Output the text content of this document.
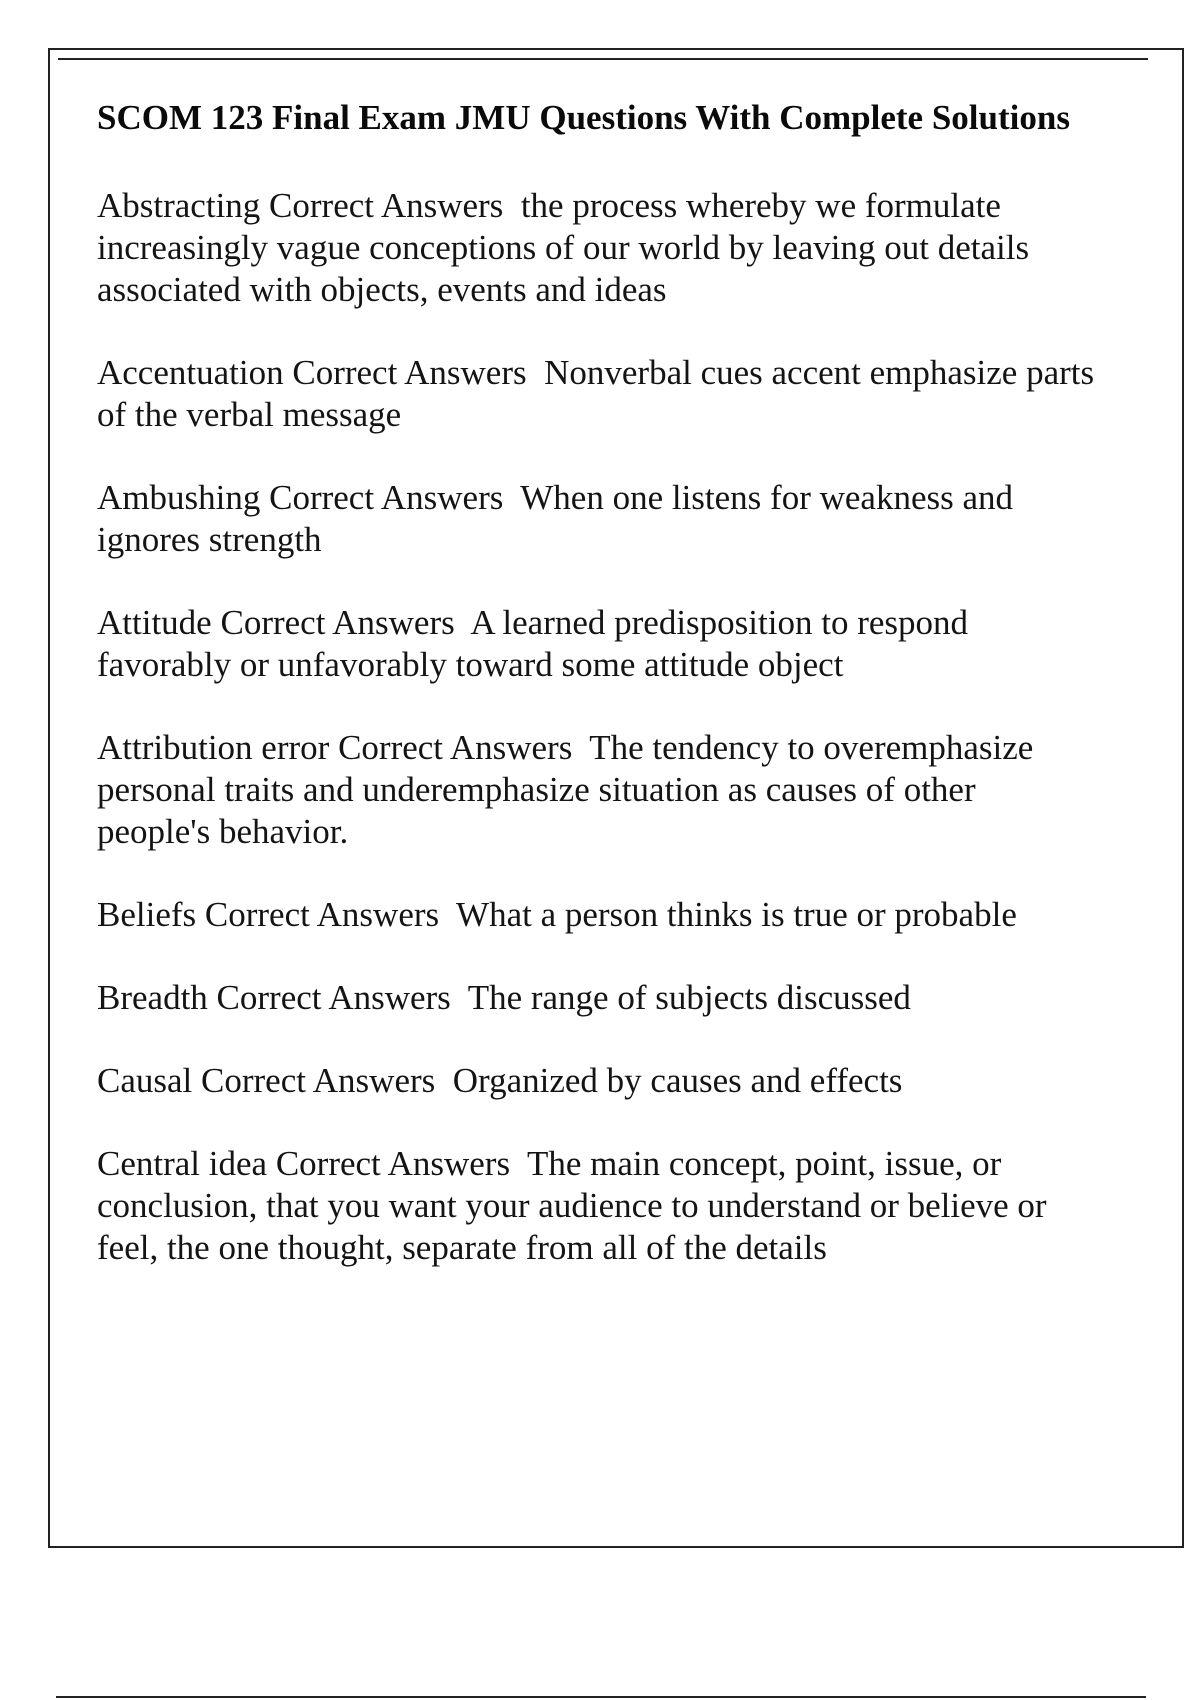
SCOM 123 Final Exam JMU Questions With Complete Solutions

Abstracting Correct Answers the process whereby we formulate increasingly vague conceptions of our world by leaving out details associated with objects, events and ideas

Accentuation Correct Answers Nonverbal cues accent emphasize parts of the verbal message

Ambushing Correct Answers When one listens for weakness and ignores strength

Attitude Correct Answers A learned predisposition to respond favorably or unfavorably toward some attitude object

Attribution error Correct Answers The tendency to overemphasize personal traits and underemphasize situation as causes of other people's behavior.

Beliefs Correct Answers What a person thinks is true or probable

Breadth Correct Answers The range of subjects discussed

Causal Correct Answers Organized by causes and effects

Central idea Correct Answers The main concept, point, issue, or conclusion, that you want your audience to understand or believe or feel, the one thought, separate from all of the details
